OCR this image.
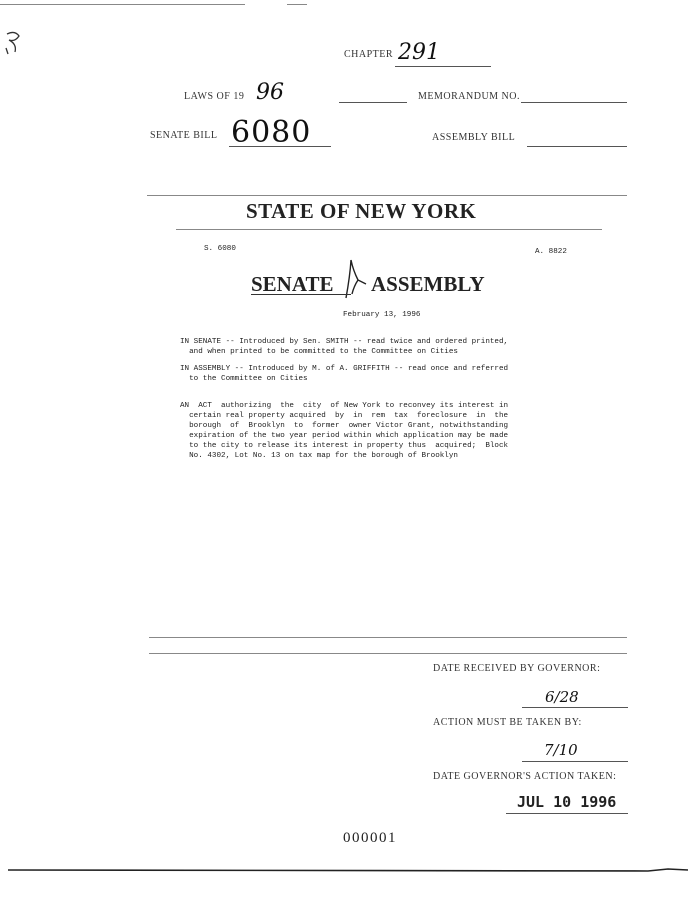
CHAPTER 291
LAWS OF 19 96	MEMORANDUM NO.
SENATE BILL 6080	ASSEMBLY BILL
STATE OF NEW YORK
S. 6080	A. 8822
SENATE ASSEMBLY
February 13, 1996
IN SENATE -- Introduced by Sen. SMITH -- read twice and ordered printed,
and when printed to be committed to the Committee on Cities
IN ASSEMBLY -- Introduced by M. of A. GRIFFITH -- read once and referred
to the Committee on Cities
AN  ACT  authorizing  the  city  of New York to reconvey its interest in
certain real property acquired  by  in  rem  tax  foreclosure  in  the
borough  of  Brooklyn  to  former  owner Victor Grant, notwithstanding
expiration of the two year period within which application may be made
to the city to release its interest in property thus  acquired;  Block
No. 4302, Lot No. 13 on tax map for the borough of Brooklyn
DATE RECEIVED BY GOVERNOR:
6/28
ACTION MUST BE TAKEN BY:
7/10
DATE GOVERNOR'S ACTION TAKEN:
JUL 10 1996
000001
